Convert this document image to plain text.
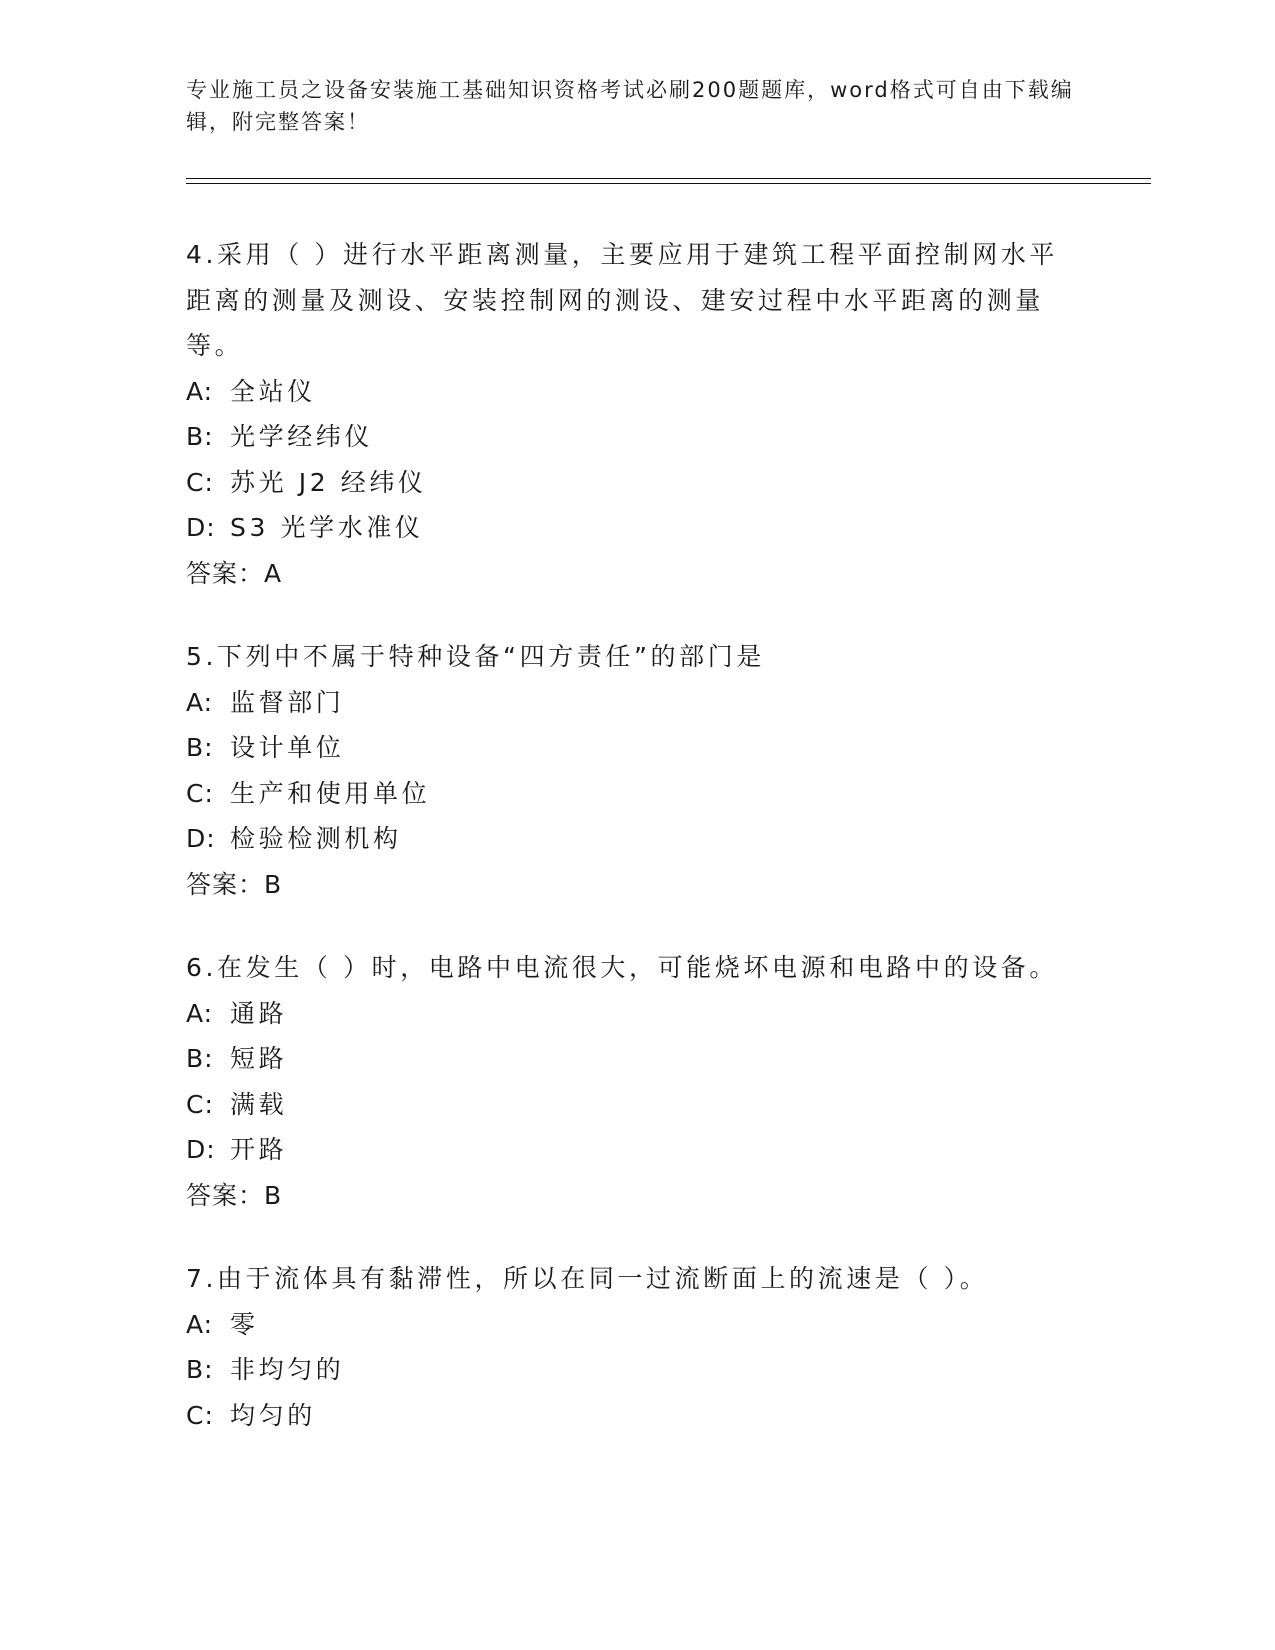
专业施工员之设备安装施工基础知识资格考试必刷200题题库，word格式可自由下载编辑，附完整答案！

4.采用（ ）进行水平距离测量，主要应用于建筑工程平面控制网水平距离的测量及测设、安装控制网的测设、建安过程中水平距离的测量等。

A: 全站仪

B: 光学经纬仪

C: 苏光 J2 经纬仪

D: S3 光学水准仪

答案：A

5.下列中不属于特种设备“四方责任”的部门是

A: 监督部门

B: 设计单位

C: 生产和使用单位

D: 检验检测机构

答案：B

6.在发生（ ）时，电路中电流很大，可能烧坏电源和电路中的设备。

A: 通路

B: 短路

C: 满载

D: 开路

答案：B

7.由于流体具有黏滞性，所以在同一过流断面上的流速是（ ）。

A: 零

B: 非均匀的

C: 均匀的
